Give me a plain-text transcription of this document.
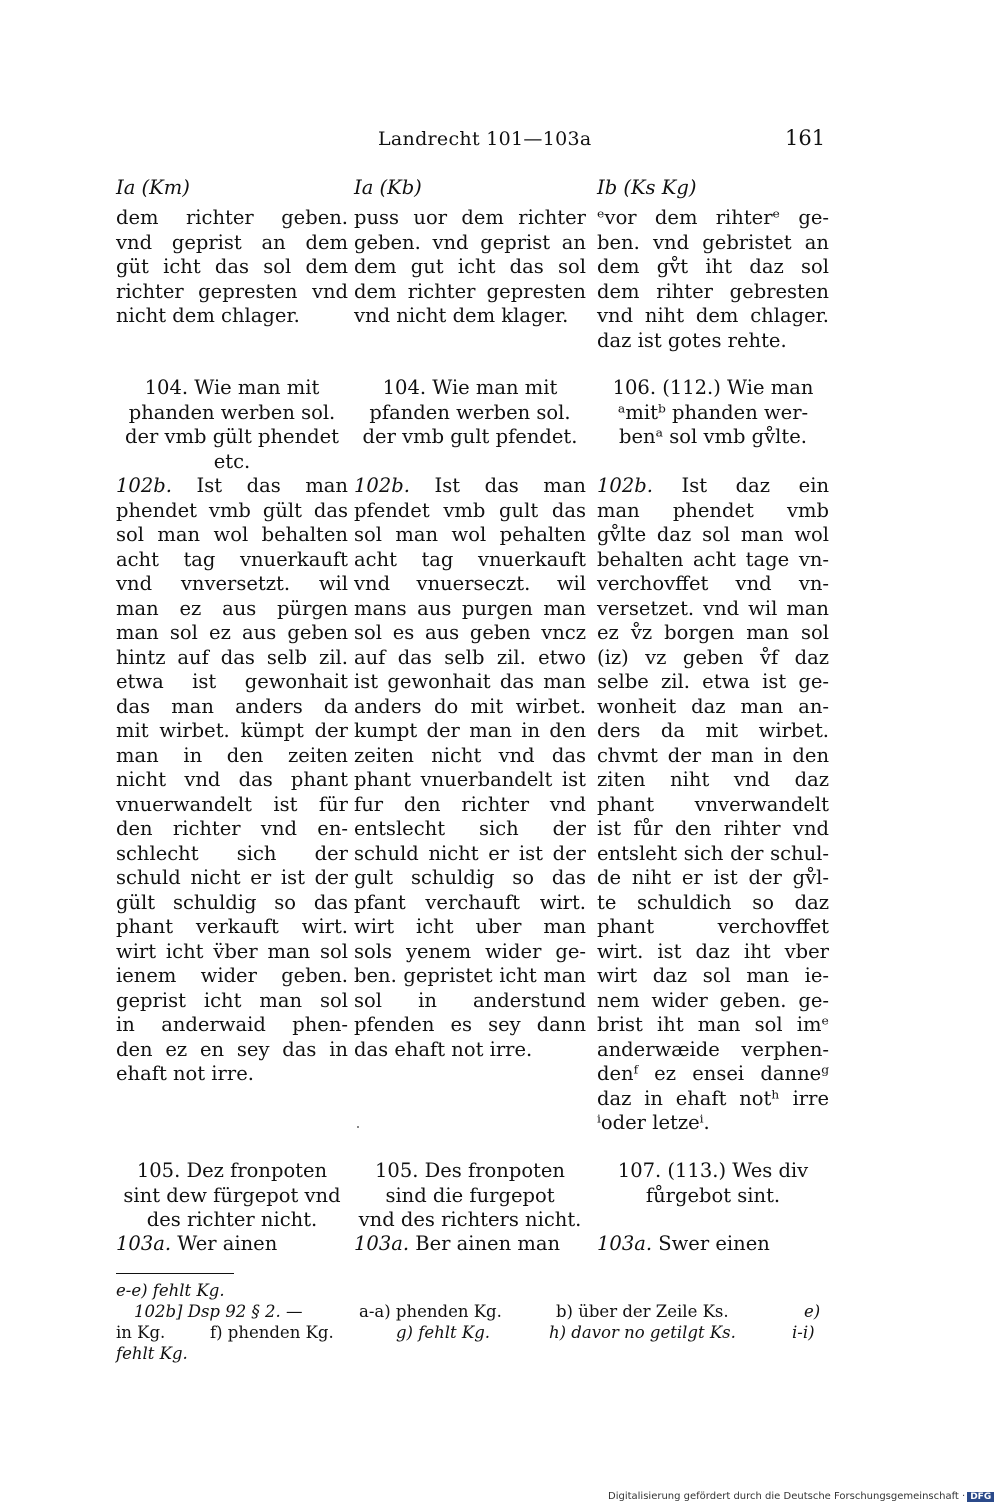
Landrecht 101—103a	161
Ia (Km)
dem richter geben.
vnd geprist an dem
güt icht das sol dem
richter gepresten vnd
nicht dem chlager.
104. Wie man mit
phanden werben sol.
der vmb gült phendet
etc.
102b. Ist das man
phendet vmb gült das
sol man wol behalten
acht tag vnuerkauft
vnd vnversetzt. wil
man ez aus pürgen
man sol ez aus geben
hintz auf das selb zil.
etwa ist gewonhait
das man anders da
mit wirbet. kümpt der
man in den zeiten
nicht vnd das phant
vnuerwandelt ist für
den richter vnd en-
schlecht sich der
schuld nicht er ist der
gült schuldig so das
phant verkauft wirt.
wirt icht v̈ber man sol
ienem wider geben.
geprist icht man sol
in anderwaid phen-
den ez en sey das in
ehaft not irre.
105. Dez fronpoten
sint dew fürgepot vnd
des richter nicht.
103a. Wer ainen
Ia (Kb)
puss uor dem richter
geben. vnd geprist an
dem gut icht das sol
dem richter gepresten
vnd nicht dem klager.
104. Wie man mit
pfanden werben sol.
der vmb gult pfendet.
102b. Ist das man
pfendet vmb gult das
sol man wol pehalten
acht tag vnuerkauft
vnd vnuerseczt. wil
mans aus purgen man
sol es aus geben vncz
auf das selb zil. etwo
ist gewonhait das man
anders do mit wirbet.
kumpt der man in den
zeiten nicht vnd das
phant vnuerbandelt ist
fur den richter vnd
entslecht sich der
schuld nicht er ist der
gult schuldig so das
pfant verchauft wirt.
wirt icht uber man
sols yenem wider ge-
ben. gepristet icht man
sol in anderstund
pfenden es sey dann
das ehaft not irre.
105. Des fronpoten
sind die furgepot
vnd des richters nicht.
103a. Ber ainen man
Ib (Ks Kg)
ᵉvor dem rihterᵉ ge-
ben. vnd gebristet an
dem gv̊t iht daz sol
dem rihter gebresten
vnd niht dem chlager.
daz ist gotes rehte.
106. (112.) Wie man
ᵃmitᵇ phanden wer-
benᵃ sol vmb gv̊lte.
102b. Ist daz ein
man phendet vmb
gv̊lte daz sol man wol
behalten acht tage vn-
verchovffet vnd vn-
versetzet. vnd wil man
ez v̊z borgen man sol
(iz) vz geben v̊f daz
selbe zil. etwa ist ge-
wonheit daz man an-
ders da mit wirbet.
chvmt der man in den
ziten niht vnd daz
phant vnverwandelt
ist fůr den rihter vnd
entsleht sich der schul-
de niht er ist der gv̊l-
te schuldich so daz
phant verchovffet
wirt. ist daz iht vber
wirt daz sol man ie-
nem wider geben. ge-
brist iht man sol imᵉ
anderwæide verphen-
denᶠ ez ensei danneᵍ
daz in ehaft notʰ irre
ⁱoder letzeⁱ.
107. (113.) Wes div
fůrgebot sint.
103a. Swer einen
e-e) fehlt Kg.
102b] Dsp 92 § 2. —	a-a) phenden Kg.	b) über der Zeile Ks.	e)
in Kg.	f) phenden Kg.	g) fehlt Kg.	h) davor no getilgt Ks.	i-i)
fehlt Kg.
Digitalisierung gefördert durch die Deutsche Forschungsgemeinschaft · DFG
